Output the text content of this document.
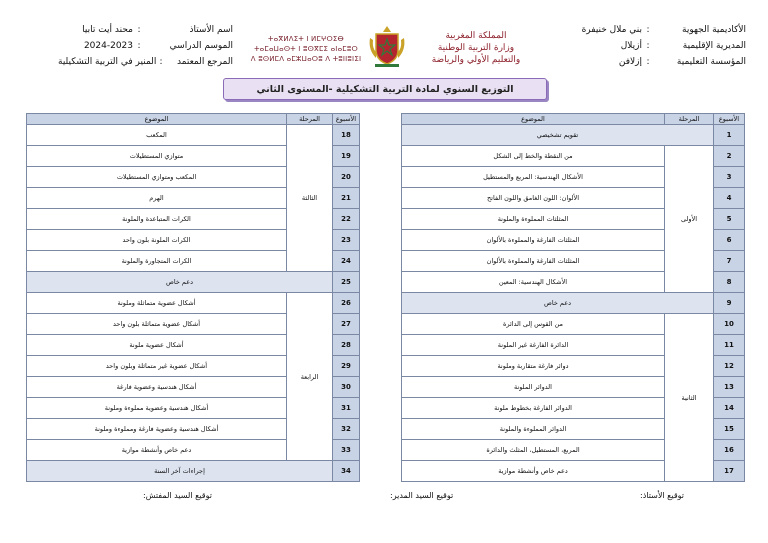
الأكاديمية الجهوية
:
بني ملال خنيفرة
المديرية الإقليمية
:
أزيلال
المؤسسة التعليمية
:
إزلافن
اسم الأستاذ
:
محند أيت تابيا
الموسم الدراسي
:
2024-2023
المرجع المعتمد
:
المنير في التربية التشكيلية
المملكة المغربية
وزارة التربية الوطنية
والتعليم الأولي والرياضة
ⵜⴰⴳⵍⴷⵉⵜ ⵏ ⵍⵎⵖⵔⵉⴱ
ⵜⴰⵎⴰⵡⴰⵙⵜ ⵏ ⵓⵙⴳⵎⵉ ⴰⵏⴰⵎⵓⵔ
ⴷ ⵓⵙⵍⵎⴷ ⴰⵎⵣⵡⴰⵔⵓ ⴷ ⵜⵓⵏⵏⵓⵏⵉⵏ
التوزيع السنوي لمادة التربية التشكيلية -المستوى الثاني
الموضوع	المرحلة	الأسبوع
تقويم تشخيصي		1
من النقطة والخط إلى الشكل	الأولى	2
الأشكال الهندسية: المربع والمستطيل		3
الألوان: اللون الغامق واللون الفاتح		4
المثلثات المملوءة والملونة		5
المثلثات الفارغة والمملوءة بالألوان		6
المثلثات الفارغة والمملوءة بالألوان		7
الأشكال الهندسية: المعين		8
دعم خاص		9
من القوس إلى الدائرة	الثانية	10
الدائرة الفارغة غير الملونة		11
دوائر فارغة متقاربة وملونة		12
الدوائر الملونة		13
الدوائر الفارغة بخطوط ملونة		14
الدوائر المملوءة والملونة		15
المربع، المستطيل، المثلث والدائرة		16
دعم خاص وأنشطة موازية		17
الموضوع	المرحلة	الأسبوع
المكعب	الثالثة	18
متوازي المستطيلات		19
المكعب ومتوازي المستطيلات		20
الهرم		21
الكرات المتباعدة والملونة		22
الكرات الملونة بلون واحد		23
الكرات المتجاورة والملونة		24
دعم خاص		25
أشكال عضوية متماثلة وملونة	الرابعة	26
أشكال عضوية متماثلة بلون واحد		27
أشكال عضوية ملونة		28
أشكال عضوية غير متماثلة وبلون واحد		29
أشكال هندسية وعضوية فارغة		30
أشكال هندسية وعضوية مملوءة وملونة		31
أشكال هندسية وعضوية فارغة ومملوءة وملونة		32
دعم خاص وأنشطة موازية		33
إجراءات آخر السنة		34
توقيع الأستاذ:
توقيع السيد المدير:
توقيع السيد المفتش:
